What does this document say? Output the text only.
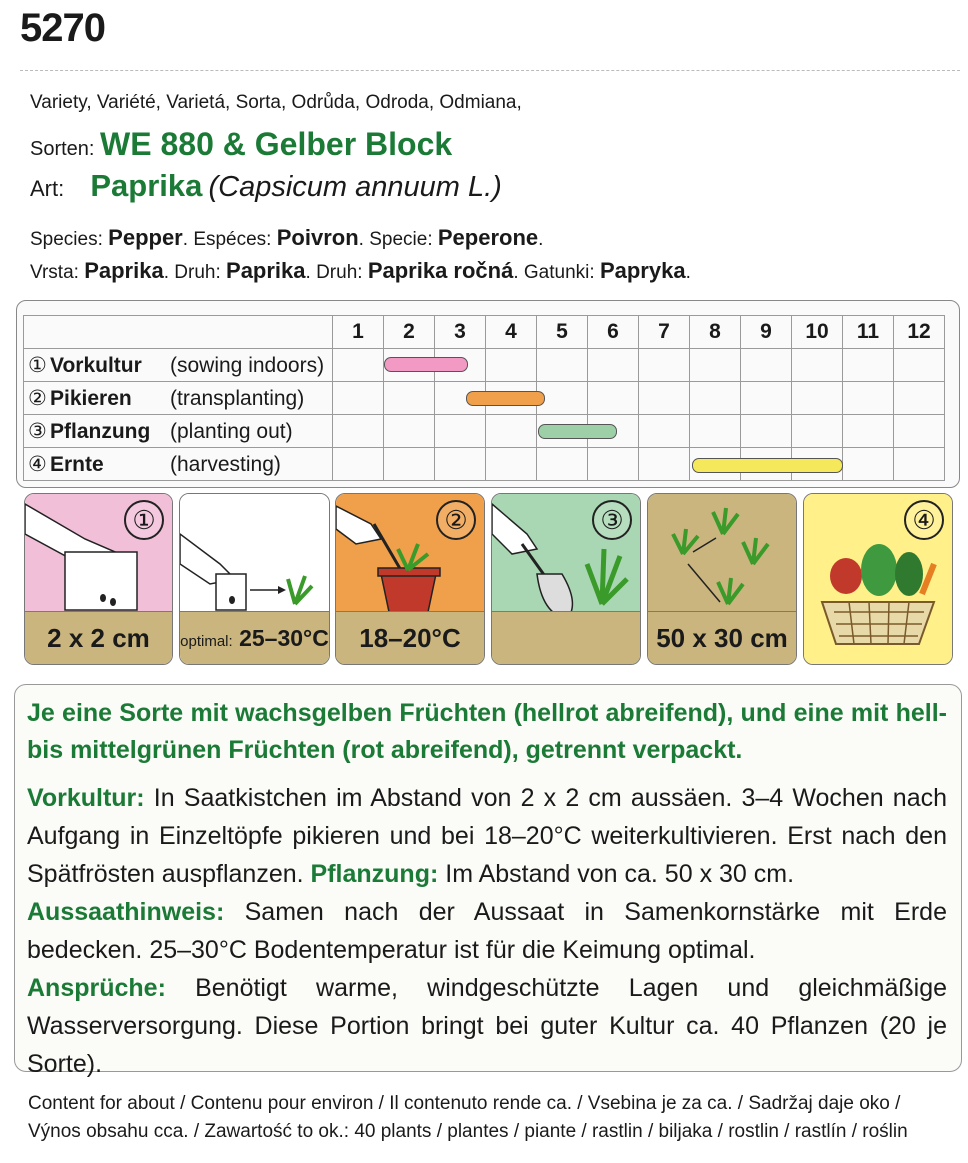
5270
Variety, Variété, Varietá, Sorta, Odrůda, Odroda, Odmiana,
Sorten: WE 880 & Gelber Block
Art: Paprika (Capsicum annuum L.)
Species: Pepper. Espéces: Poivron. Specie: Peperone.
Vrsta: Paprika. Druh: Paprika. Druh: Paprika ročná. Gatunki: Papryka.
	1	2	3	4	5	6	7	8	9	10	11	12
① Vorkultur (sowing indoors)												
② Pikieren (transplanting)												
③ Pflanzung (planting out)												
④ Ernte (harvesting)												
①
2 x 2 cm	optimal: 25–30°C
②
18–20°C
③
50 x 30 cm
④
Je eine Sorte mit wachsgelben Früchten (hellrot abreifend), und eine mit hell- bis mittelgrünen Früchten (rot abreifend), getrennt verpackt.
Vorkultur: In Saatkistchen im Abstand von 2 x 2 cm aussäen. 3–4 Wochen nach Aufgang in Einzeltöpfe pikieren und bei 18–20°C weiterkultivieren. Erst nach den Spätfrösten auspflanzen. Pflanzung: Im Abstand von ca. 50 x 30 cm.
Aussaathinweis: Samen nach der Aussaat in Samenkornstärke mit Erde bedecken. 25–30°C Bodentemperatur ist für die Keimung optimal.
Ansprüche: Benötigt warme, windgeschützte Lagen und gleichmäßige Wasserversorgung. Diese Portion bringt bei guter Kultur ca. 40 Pflanzen (20 je Sorte).
Content for about / Contenu pour environ / Il contenuto rende ca. / Vsebina je za ca. / Sadržaj daje oko /
Výnos obsahu cca. / Zawartość to ok.: 40 plants / plantes / piante / rastlin / biljaka / rostlin / rastlín / roślin
